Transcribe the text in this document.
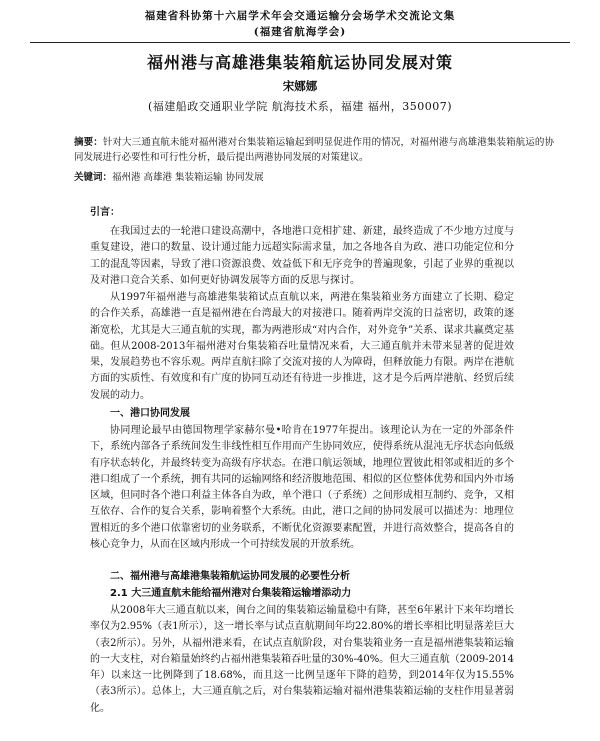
福建省科协第十六届学术年会交通运输分会场学术交流论文集
(福建省航海学会)
福州港与高雄港集装箱航运协同发展对策
宋娜娜
(福建船政交通职业学院 航海技术系，福建 福州，350007)
摘要：针对大三通直航未能对福州港对台集装箱运输起到明显促进作用的情况，对福州港与高雄港集装箱航运的协同发展进行必要性和可行性分析，最后提出两港协同发展的对策建议。
关键词：福州港 高雄港 集装箱运输 协同发展
引言：

在我国过去的一轮港口建设高潮中，各地港口竞相扩建、新建，最终造成了不少地方过度与重复建设，港口的数量、设计通过能力远超实际需求量，加之各地各自为政、港口功能定位和分工的混乱等因素，导致了港口资源浪费、效益低下和无序竞争的普遍现象，引起了业界的重视以及对港口竞合关系、如何更好协调发展等方面的反思与探讨。

从1997年福州港与高雄港集装箱试点直航以来，两港在集装箱业务方面建立了长期、稳定的合作关系，高雄港一直是福州港在台湾最大的对接港口。随着两岸交流的日益密切，政策的逐渐宽松，尤其是大三通直航的实现，都为两港形成“对内合作，对外竞争”关系、谋求共赢奠定基础。但从2008-2013年福州港对台集装箱吞吐量情况来看，大三通直航并未带来显著的促进效果，发展趋势也不容乐观。两岸直航扫除了交流对接的人为障碍，但释放能力有限。两岸在港航方面的实质性、有效度和有广度的协同互动还有待进一步推进，这才是今后两岸港航、经贸后续发展的动力。

一、港口协同发展

协同理论最早由德国物理学家赫尔曼•哈肯在1977年提出。该理论认为在一定的外部条件下，系统内部各子系统间发生非线性相互作用而产生协同效应，使得系统从混沌无序状态向低级有序状态转化，并最终转变为高级有序状态。在港口航运领域，地理位置彼此相邻或相近的多个港口组成了一个系统，拥有共同的运输网络和经济腹地范围、相似的区位整体优势和国内外市场区域，但同时各个港口利益主体各自为政，单个港口（子系统）之间形成相互制约、竞争，又相互依存、合作的复合关系，影响着整个大系统。由此，港口之间的协同发展可以描述为：地理位置相近的多个港口依靠密切的业务联系，不断优化资源要素配置，并进行高效整合，提高各自的核心竞争力，从而在区域内形成一个可持续发展的开放系统。

二、福州港与高雄港集装箱航运协同发展的必要性分析

2.1 大三通直航未能给福州港对台集装箱运输增添动力

从2008年大三通直航以来，闽台之间的集装箱运输量稳中有降，甚至6年累计下来年均增长率仅为2.95%（表1所示），这一增长率与试点直航期间年均22.80%的增长率相比明显落差巨大（表2所示）。另外，从福州港来看，在试点直航阶段，对台集装箱业务一直是福州港集装箱运输的一大支柱，对台箱量始终约占福州港集装箱吞吐量的30%-40%。但大三通直航（2009-2014年）以来这一比例降到了18.68%，而且这一比例呈逐年下降的趋势，到2014年仅为15.55%（表3所示）。总体上，大三通直航之后，对台集装箱运输对福州港集装箱运输的支柱作用显著弱化。
